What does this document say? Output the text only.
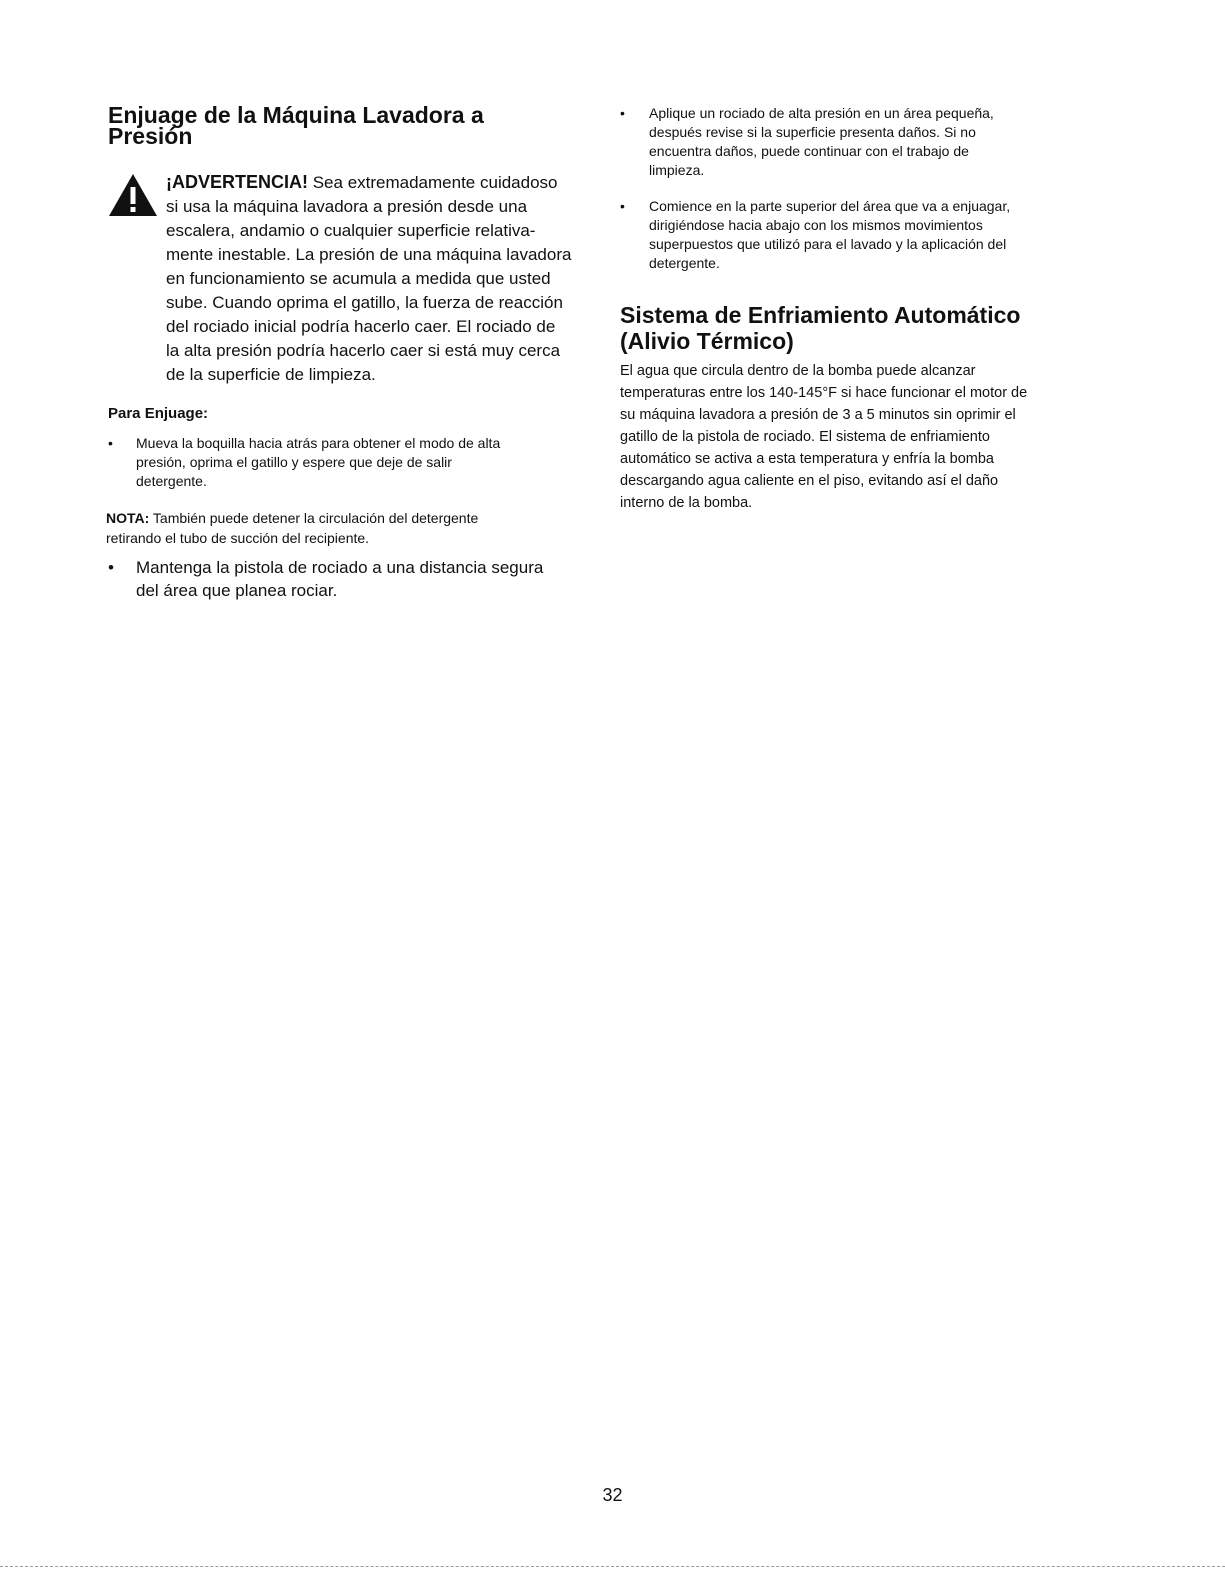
Enjuage de la Máquina Lavadora a
Presión
¡ADVERTENCIA! Sea extremadamente cuidadoso
si usa la máquina lavadora a presión desde una
escalera, andamio o cualquier superficie relativa-
mente inestable. La presión de una máquina lavadora
en funcionamiento se acumula a medida que usted
sube. Cuando oprima el gatillo, la fuerza de reacción
del rociado inicial podría hacerlo caer. El rociado de
la alta presión podría hacerlo caer si está muy cerca
de la superficie de limpieza.
Para Enjuage:
•	Mueva la boquilla hacia atrás para obtener el modo de alta
presión, oprima el gatillo y espere que deje de salir
detergente.
NOTA: También puede detener la circulación del detergente
retirando el tubo de succión del recipiente.
•	Mantenga la pistola de rociado a una distancia segura
del área que planea rociar.
•	Aplique un rociado de alta presión en un área pequeña,
después revise si la superficie presenta daños. Si no
encuentra daños, puede continuar con el trabajo de
limpieza.
•	Comience en la parte superior del área que va a enjuagar,
dirigiéndose hacia abajo con los mismos movimientos
superpuestos que utilizó para el lavado y la aplicación del
detergente.
Sistema de Enfriamiento Automático
(Alivio Térmico)
El agua que circula dentro de la bomba puede alcanzar
temperaturas entre los 140-145°F si hace funcionar el motor de
su máquina lavadora a presión de 3 a 5 minutos sin oprimir el
gatillo de la pistola de rociado. El sistema de enfriamiento
automático se activa a esta temperatura y enfría la bomba
descargando agua caliente en el piso, evitando así el daño
interno de la bomba.
32
